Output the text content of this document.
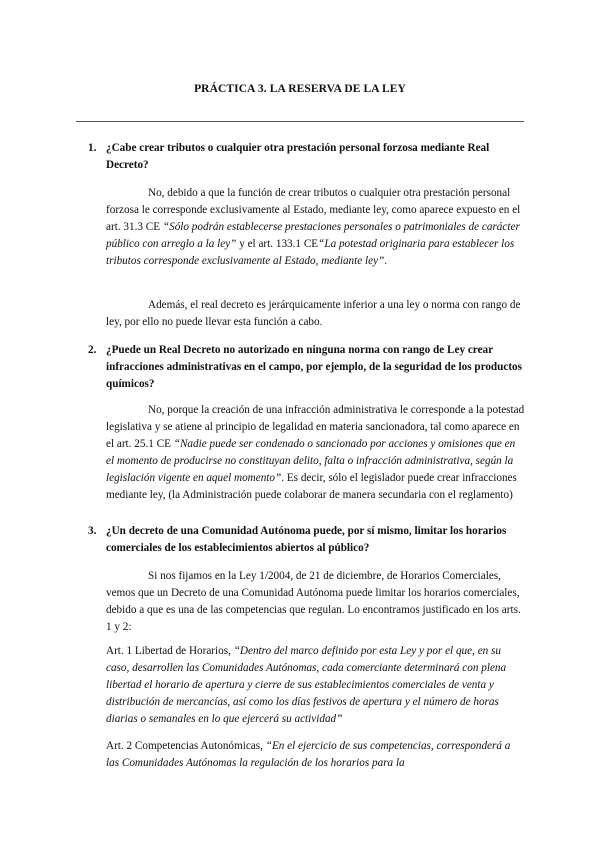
PRÁCTICA 3. LA RESERVA DE LA LEY
1. ¿Cabe crear tributos o cualquier otra prestación personal forzosa mediante Real Decreto?
No, debido a que la función de crear tributos o cualquier otra prestación personal forzosa le corresponde exclusivamente al Estado, mediante ley, como aparece expuesto en el art. 31.3 CE “Sólo podrán establecerse prestaciones personales o patrimoniales de carácter público con arreglo a la ley” y el art. 133.1 CE“La potestad originaria para establecer los tributos corresponde exclusivamente al Estado, mediante ley”.
Además, el real decreto es jerárquicamente inferior a una ley o norma con rango de ley, por ello no puede llevar esta función a cabo.
2. ¿Puede un Real Decreto no autorizado en ninguna norma con rango de Ley crear infracciones administrativas en el campo, por ejemplo, de la seguridad de los productos químicos?
No, porque la creación de una infracción administrativa le corresponde a la potestad legislativa y se atiene al principio de legalidad en materia sancionadora, tal como aparece en el art. 25.1 CE “Nadie puede ser condenado o sancionado por acciones y omisiones que en el momento de producirse no constituyan delito, falta o infracción administrativa, según la legislación vigente en aquel momento”. Es decir, sólo el legislador puede crear infracciones mediante ley, (la Administración puede colaborar de manera secundaria con el reglamento)
3. ¿Un decreto de una Comunidad Autónoma puede, por sí mismo, limitar los horarios comerciales de los establecimientos abiertos al público?
Si nos fijamos en la Ley 1/2004, de 21 de diciembre, de Horarios Comerciales, vemos que un Decreto de una Comunidad Autónoma puede limitar los horarios comerciales, debido a que es una de las competencias que regulan. Lo encontramos justificado en los arts. 1 y 2:
Art. 1 Libertad de Horarios, “Dentro del marco definido por esta Ley y por el que, en su caso, desarrollen las Comunidades Autónomas, cada comerciante determinará con plena libertad el horario de apertura y cierre de sus establecimientos comerciales de venta y distribución de mercancías, así como los días festivos de apertura y el número de horas diarias o semanales en lo que ejercerá su actividad”
Art. 2 Competencias Autonómicas, “En el ejercicio de sus competencias, corresponderá a las Comunidades Autónomas la regulación de los horarios para la
